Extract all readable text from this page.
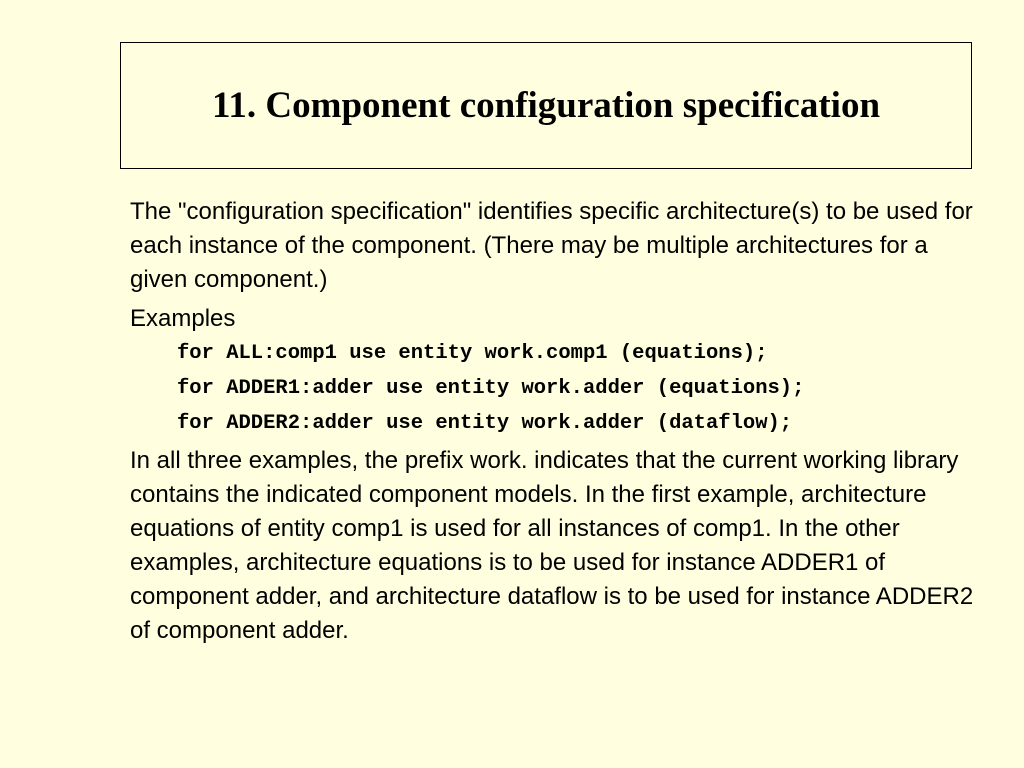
11. Component configuration specification

The "configuration specification" identifies specific architecture(s) to be used for each instance of the component. (There may be multiple architectures for a given component.)

Examples

for ALL:comp1 use entity work.comp1 (equations);
for ADDER1:adder use entity work.adder (equations);
for ADDER2:adder use entity work.adder (dataflow);

In all three examples, the prefix work. indicates that the current working library contains the indicated component models. In the first example, architecture equations of entity comp1 is used for all instances of comp1. In the other examples, architecture equations is to be used for instance ADDER1 of component adder, and architecture dataflow is to be used for instance ADDER2 of component adder.
